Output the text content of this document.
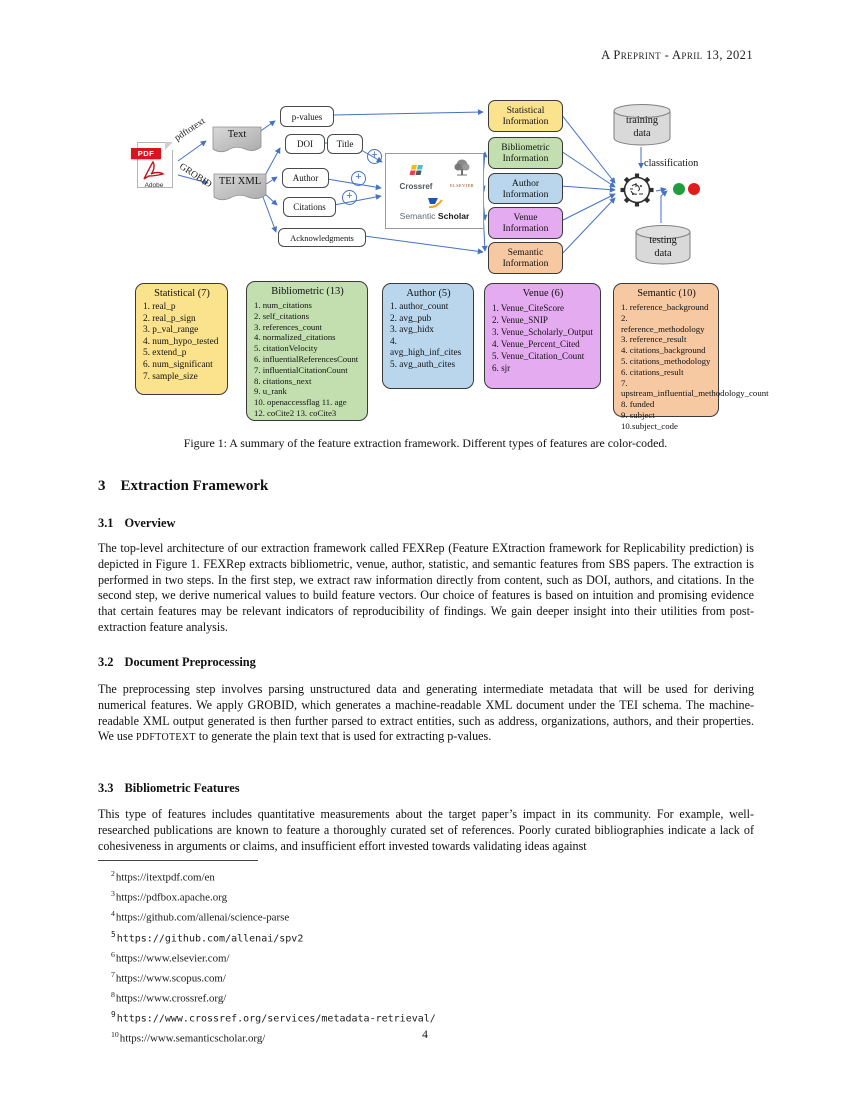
A Preprint - April 13, 2021
PDF
Adobe
pdftotext
GROBID
Text
TEI XML
p-values
DOI	Title
Author
Citations
Acknowledgments
+
+
+
Crossref	ELSEVIER
Semantic Scholar
Statistical Information
Bibliometric Information
Author Information
Venue Information
Semantic Information
training
data
testing
data
classification
Statistical (7)
1. real_p
2. real_p_sign
3. p_val_range
4. num_hypo_tested
5. extend_p
6. num_significant
7. sample_size
Bibliometric (13)
1. num_citations
2. self_citations
3. references_count
4. normalized_citations
5. citationVelocity
6. influentialReferencesCount
7. influentialCitationCount
8. citations_next
9. u_rank
10. openaccessflag 11. age
12. coCite2 13. coCite3
Author (5)
1. author_count
2. avg_pub
3. avg_hidx
4. avg_high_inf_cites
5. avg_auth_cites
Venue (6)
1. Venue_CiteScore
2. Venue_SNIP
3. Venue_Scholarly_Output
4. Venue_Percent_Cited
5. Venue_Citation_Count
6. sjr
Semantic (10)
1. reference_background
2. reference_methodology
3. reference_result
4. citations_background
5. citations_methodology
6. citations_result
7. upstream_influential_methodology_count
8. funded
9. subject
10.subject_code
Figure 1: A summary of the feature extraction framework. Different types of features are color-coded.
3 Extraction Framework
3.1 Overview
The top-level architecture of our extraction framework called FEXRep (Feature EXtraction framework for Replicability prediction) is depicted in Figure 1. FEXRep extracts bibliometric, venue, author, statistic, and semantic features from SBS papers. The extraction is performed in two steps. In the first step, we extract raw information directly from content, such as DOI, authors, and citations. In the second step, we derive numerical values to build feature vectors. Our choice of features is based on intuition and promising evidence that certain features may be relevant indicators of reproducibility of findings. We gain deeper insight into their utilities from post-extraction feature analysis.
3.2 Document Preprocessing
The preprocessing step involves parsing unstructured data and generating intermediate metadata that will be used for deriving numerical features. We apply GROBID, which generates a machine-readable XML document under the TEI schema. The machine-readable XML output generated is then further parsed to extract entities, such as address, organizations, authors, and their properties. We use PDFTOTEXT to generate the plain text that is used for extracting p-values.
3.3 Bibliometric Features
This type of features includes quantitative measurements about the target paper’s impact in its community. For example, well-researched publications are known to feature a thoroughly curated set of references. Poorly curated bibliographies indicate a lack of cohesiveness in arguments or claims, and insufficient effort invested towards validating ideas against
$^2$https://itextpdf.com/en
$^3$https://pdfbox.apache.org
$^4$https://github.com/allenai/science-parse
$^5$https://github.com/allenai/spv2
$^6$https://www.elsevier.com/
$^7$https://www.scopus.com/
$^8$https://www.crossref.org/
$^9$https://www.crossref.org/services/metadata-retrieval/
$^{10}$https://www.semanticscholar.org/	4
